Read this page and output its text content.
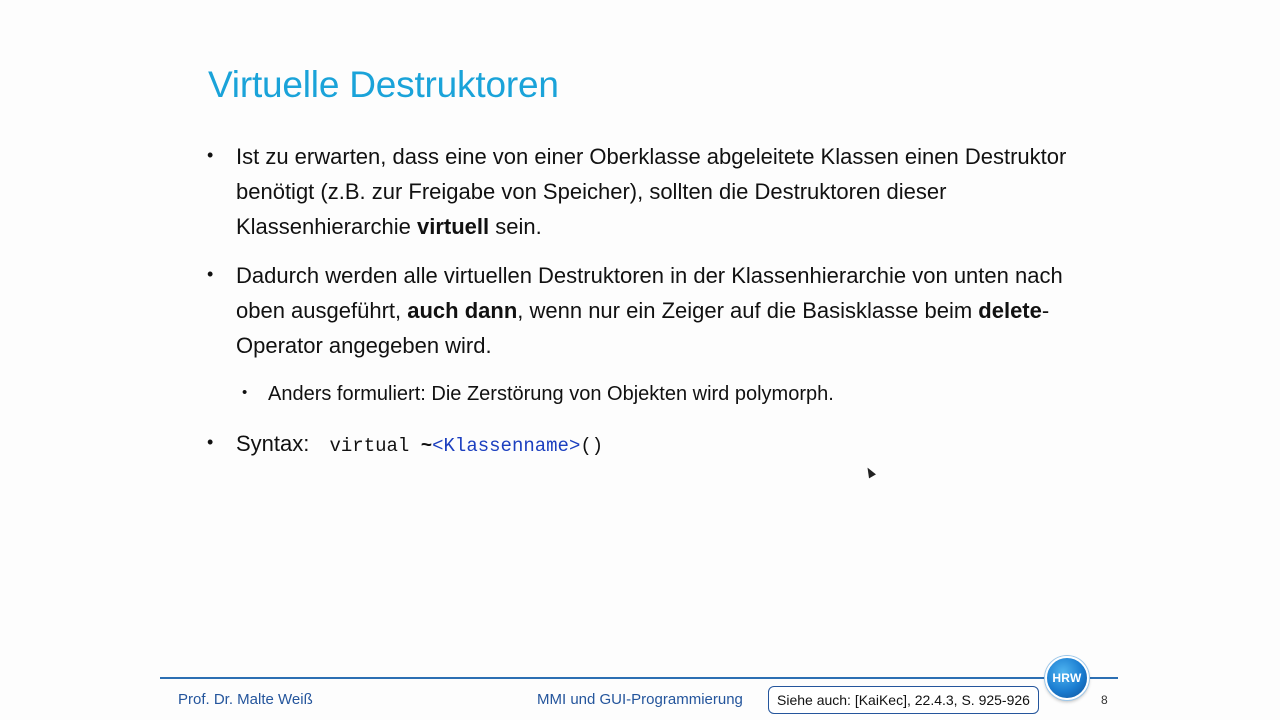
Virtuelle Destruktoren
• Ist zu erwarten, dass eine von einer Oberklasse abgeleitete Klassen einen Destruktor benötigt (z.B. zur Freigabe von Speicher), sollten die Destruktoren dieser Klassenhierarchie virtuell sein.
• Dadurch werden alle virtuellen Destruktoren in der Klassenhierarchie von unten nach oben ausgeführt, auch dann, wenn nur ein Zeiger auf die Basisklasse beim delete-Operator angegeben wird.
• Anders formuliert: Die Zerstörung von Objekten wird polymorph.
• Syntax: virtual ~<Klassenname>()
HRW
Prof. Dr. Malte Weiß	MMI und GUI-Programmierung	Siehe auch: [KaiKec], 22.4.3, S. 925-926	8
